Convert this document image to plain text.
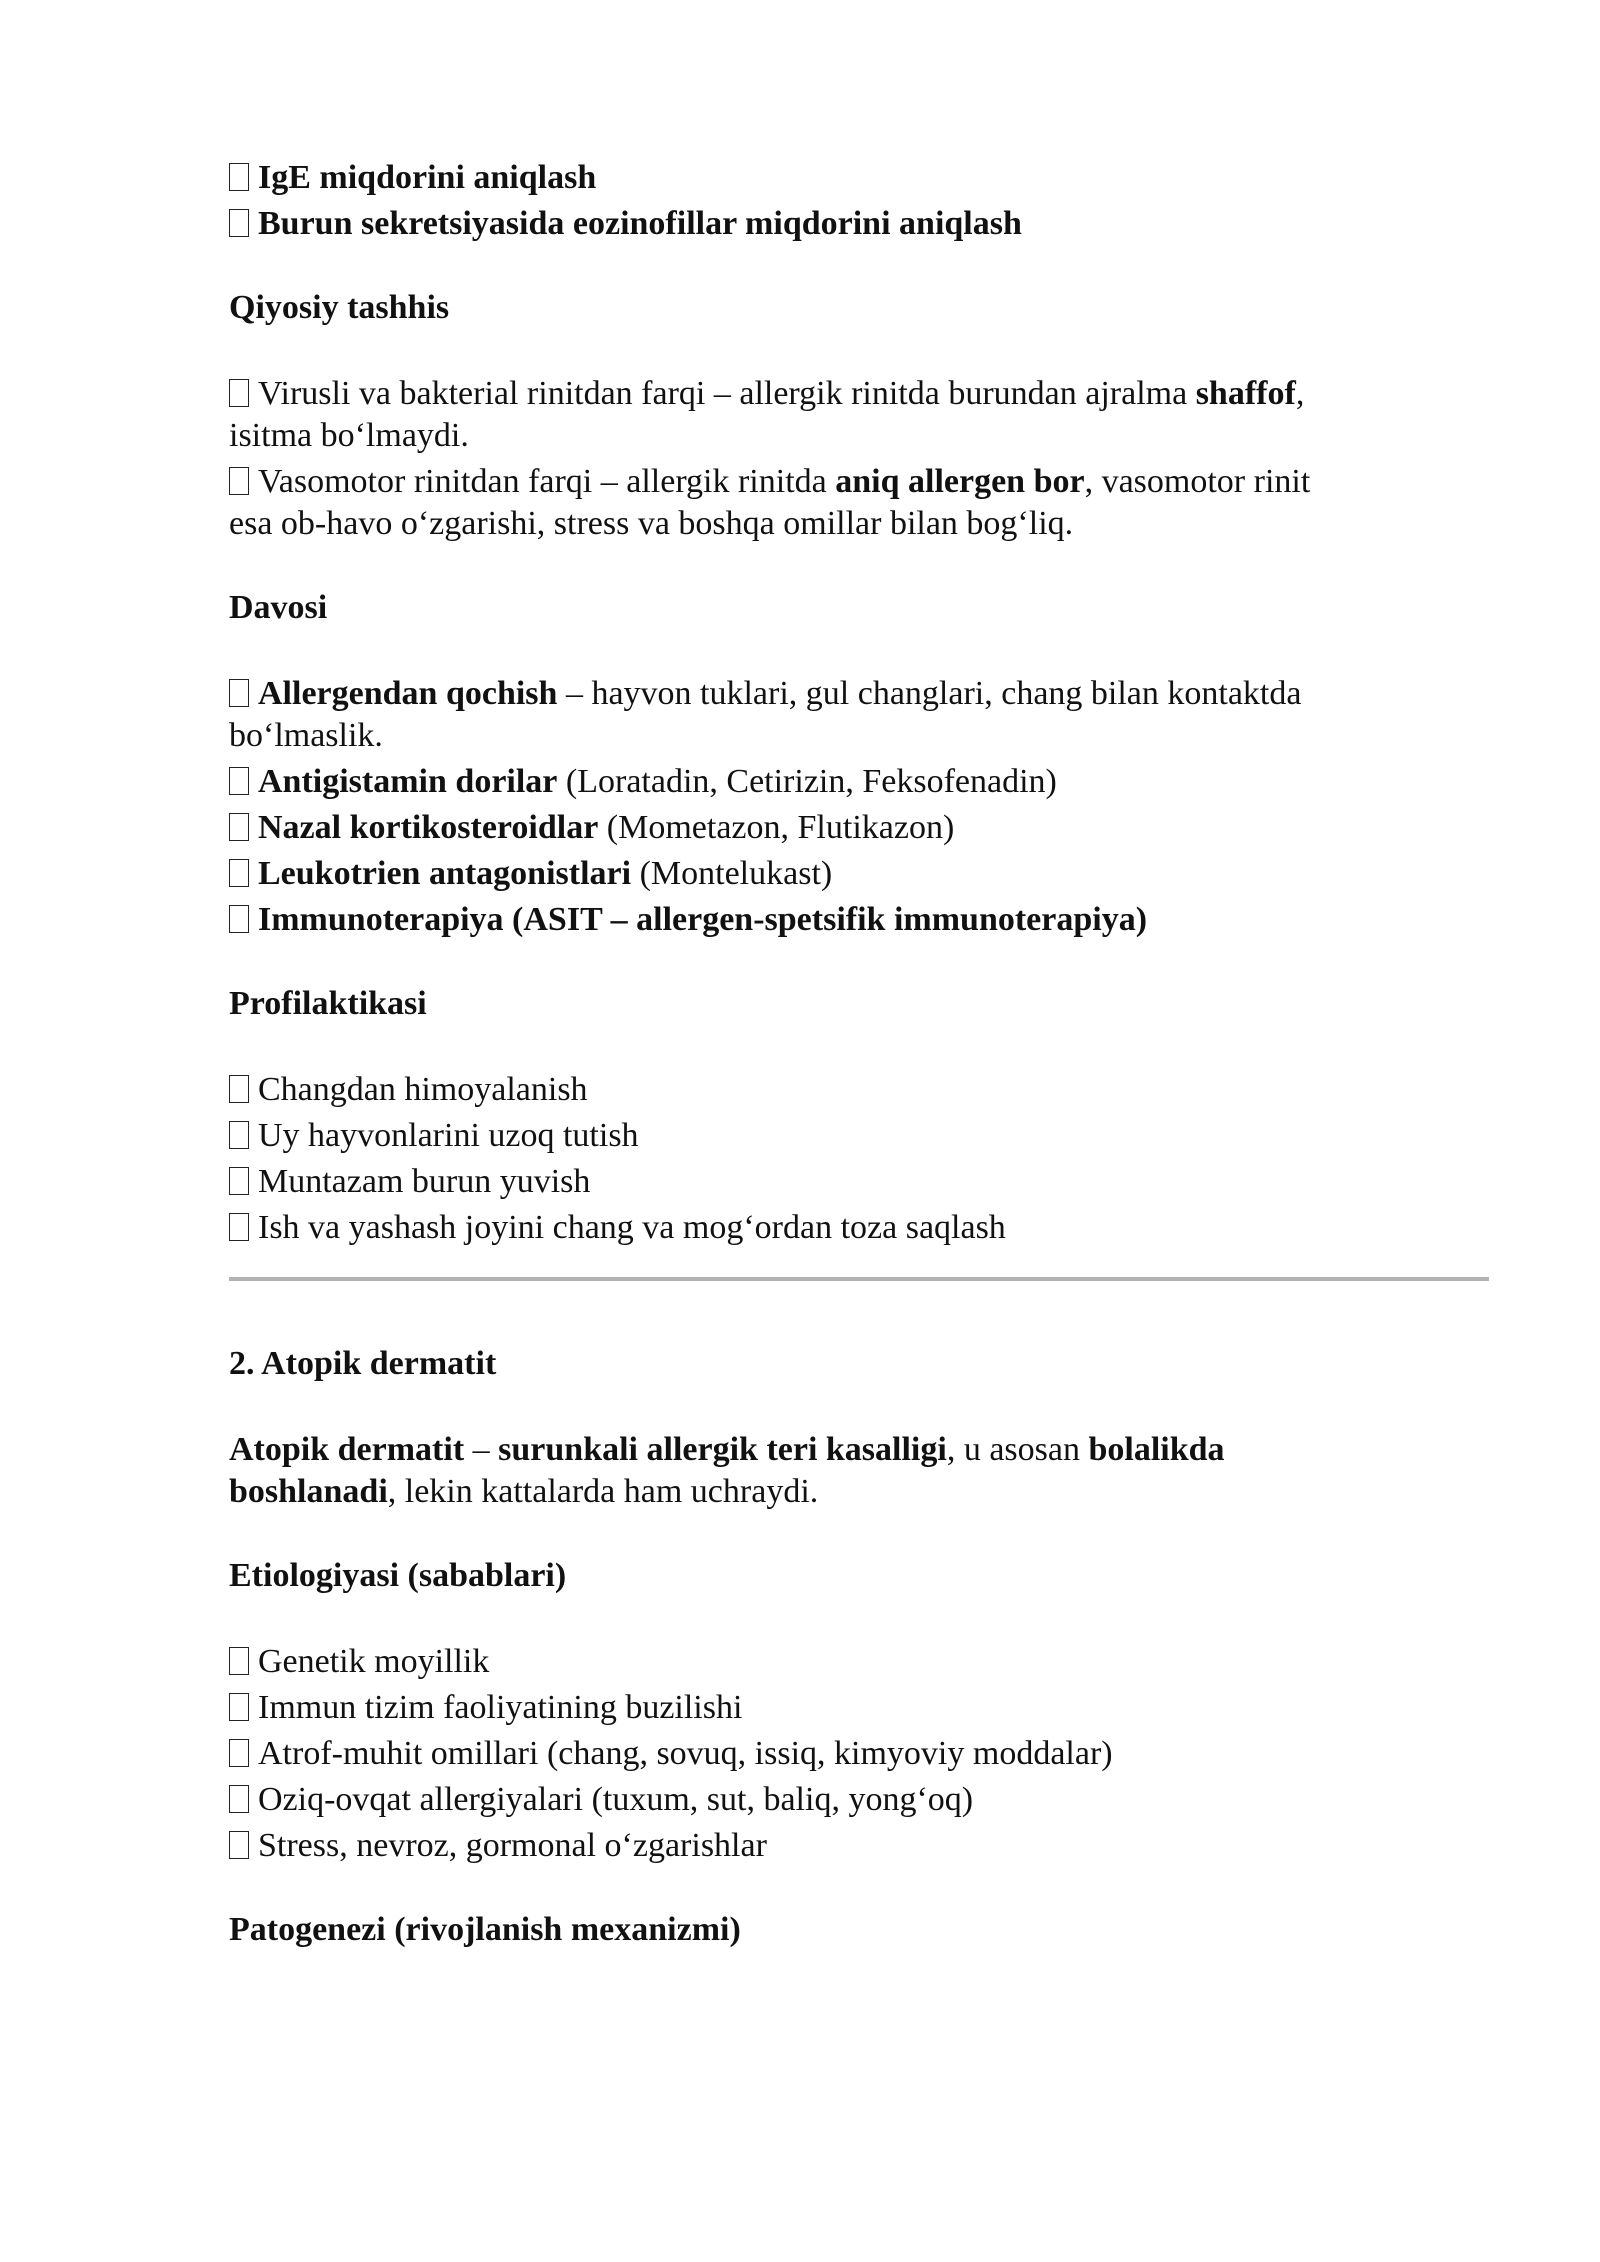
IgE miqdorini aniqlash

Burun sekretsiyasida eozinofillar miqdorini aniqlash

Qiyosiy tashhis

Virusli va bakterial rinitdan farqi – allergik rinitda burundan ajralma shaffof,

isitma bo‘lmaydi.

Vasomotor rinitdan farqi – allergik rinitda aniq allergen bor, vasomotor rinit

esa ob-havo o‘zgarishi, stress va boshqa omillar bilan bog‘liq.

Davosi

Allergendan qochish – hayvon tuklari, gul changlari, chang bilan kontaktda

bo‘lmaslik.

Antigistamin dorilar (Loratadin, Cetirizin, Feksofenadin)

Nazal kortikosteroidlar (Mometazon, Flutikazon)

Leukotrien antagonistlari (Montelukast)

Immunoterapiya (ASIT – allergen-spetsifik immunoterapiya)

Profilaktikasi

Changdan himoyalanish

Uy hayvonlarini uzoq tutish

Muntazam burun yuvish

Ish va yashash joyini chang va mog‘ordan toza saqlash

2. Atopik dermatit

Atopik dermatit – surunkali allergik teri kasalligi, u asosan bolalikda

boshlanadi, lekin kattalarda ham uchraydi.

Etiologiyasi (sabablari)

Genetik moyillik

Immun tizim faoliyatining buzilishi

Atrof-muhit omillari (chang, sovuq, issiq, kimyoviy moddalar)

Oziq-ovqat allergiyalari (tuxum, sut, baliq, yong‘oq)

Stress, nevroz, gormonal o‘zgarishlar

Patogenezi (rivojlanish mexanizmi)
